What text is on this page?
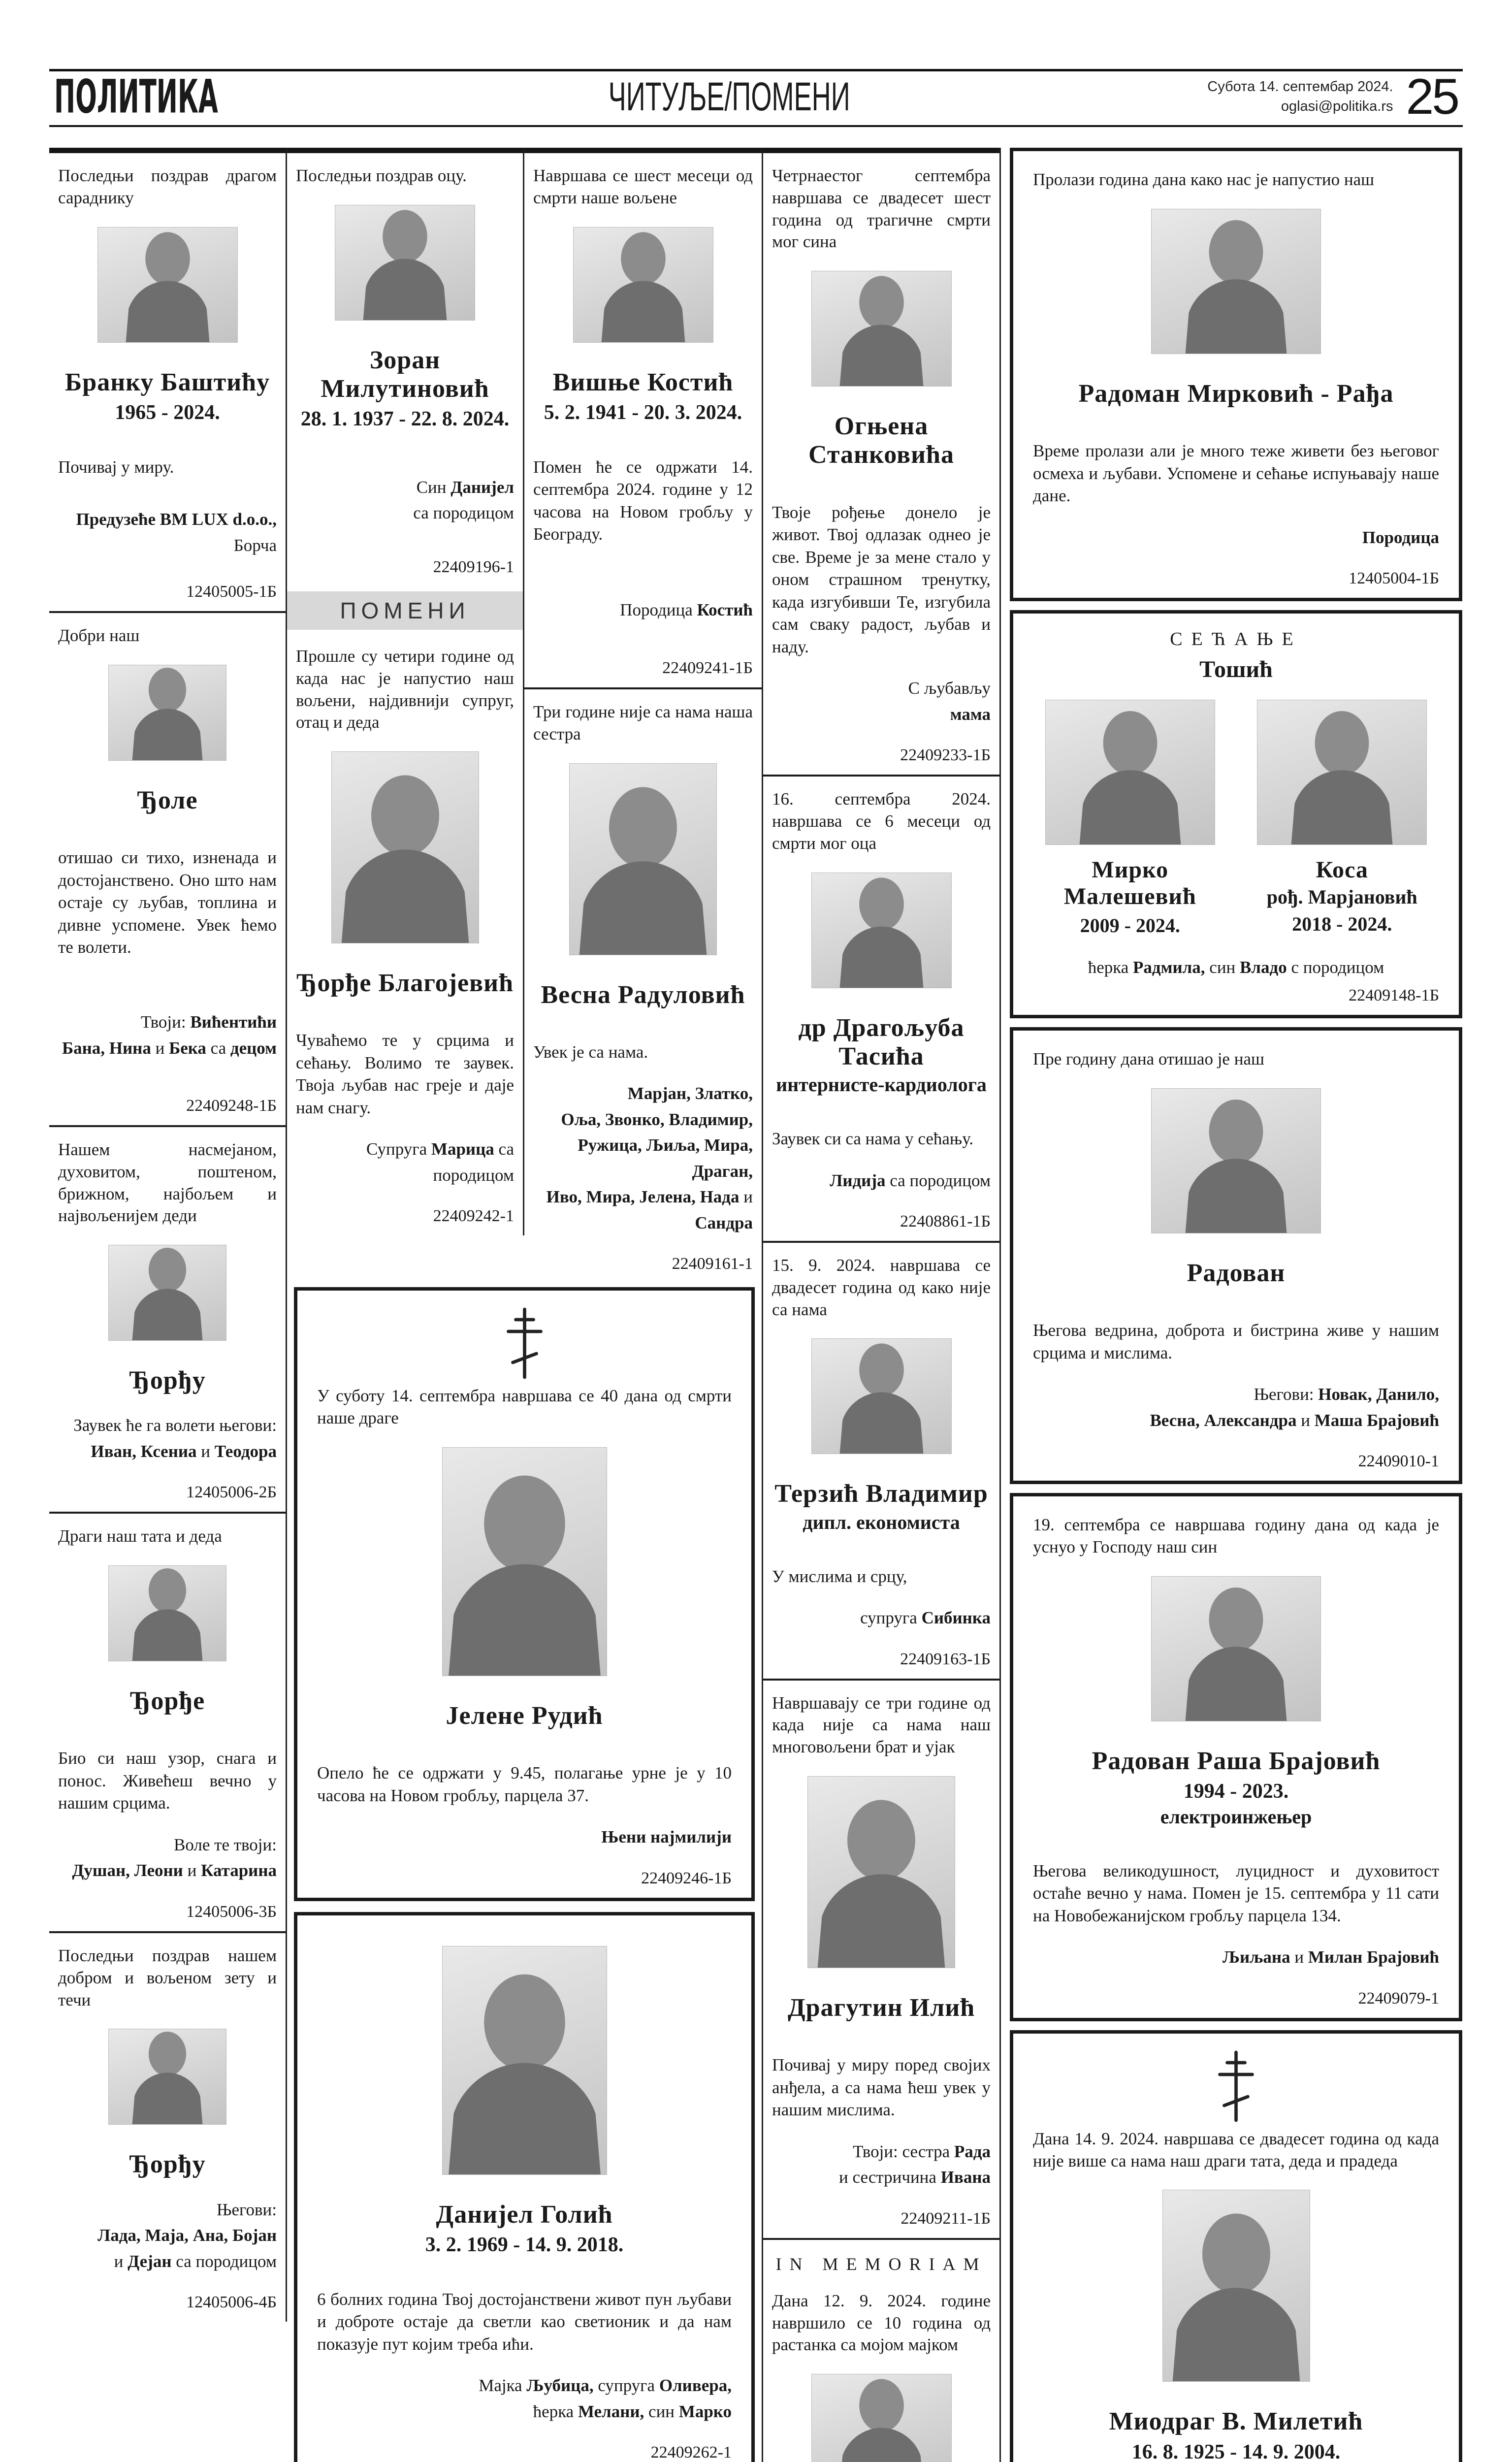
ПОЛИТИКА	ЧИТУЉЕ/ПОМЕНИ	Субота 14. септембар 2024.
oglasi@politika.rs 25

Последњи поздрав драгом сараднику

Бранку Баштићу
1965 - 2024.

Почивај у миру.

Предузеће BM LUX d.o.o.,
Борча
12405005-1Б

Добри наш

Ђоле

отишао си тихо, изненада и достојанствено. Оно што нам остаје су љубав, топлина и дивне успомене. Увек ћемо те волети.

Твоји: Вићентићи
Бана, Нина и Бека са децом
22409248-1Б

Нашем насмејаном, духовитом, поштеном, брижном, најбољем и највољенијем деди

Ђорђу
Заувек ће га волети његови:
Иван, Ксениа и Теодора
12405006-2Б

Драги наш тата и деда

Ђорђе

Био си наш узор, снага и понос. Живећеш вечно у нашим срцима.

Воле те твоји:
Душан, Леони и Катарина
12405006-3Б

Последњи поздрав нашем добром и вољеном зету и течи

Ђорђу
Његови:
Лада, Маја, Ана, Бојан
и Дејан са породицом
12405006-4Б

Последњи поздрав оцу.

Зоран Милутиновић
28. 1. 1937 - 22. 8. 2024.
Син Данијел
са породицом
22409196-1
ПОМЕНИ

Прошле су четири године од када нас је напустио наш вољени, најдивнији супруг, отац и деда

Ђорђе Благојевић

Чуваћемо те у срцима и сећању. Волимо те заувек. Твоја љубав нас греје и даје нам снагу.

Супруга Марица са породицом
22409242-1

Навршава се шест месеци од смрти наше вољене

Вишње Костић
5. 2. 1941 - 20. 3. 2024.

Помен ће се одржати 14. септембра 2024. године у 12 часова на Новом гробљу у Београду.

Породица Костић
22409241-1Б

Три године није са нама наша сестра

Весна Радуловић

Увек је са нама.

Марјан, Златко,
Оља, Звонко, Владимир,
Ружица, Љиља, Мира, Драган,
Иво, Мира, Јелена, Нада и Сандра
22409161-1

У суботу 14. септембра навршава се 40 дана од смрти наше драге

Јелене Рудић

Опело ће се одржати у 9.45, полагање урне је у 10 часова на Новом гробљу, парцела 37.

Њени најмилији
22409246-1Б
Данијел Голић
3. 2. 1969 - 14. 9. 2018.

6 болних година Твој достојанствени живот пун љубави и доброте остаје да светли као светионик и да нам показује пут којим треба ићи.

Мајка Љубица, супруга Оливера,
ћерка Мелани, син Марко
22409262-1

Четрнаестог септембра навршава се двадесет шест година од трагичне смрти мог сина

Огњена Станковића

Твоје рођење донело је живот. Твој одлазак однео је све. Време је за мене стало у оном страшном тренутку, када изгубивши Те, изгубила сам сваку радост, љубав и наду.

С љубављу
мама
22409233-1Б

16. септембра 2024. навршава се 6 месеци од смрти мог оца

др Драгољуба Тасића
интернисте-кардиолога

Заувек си са нама у сећању.

Лидија са породицом
22408861-1Б

15. 9. 2024. навршава се двадесет година од како није са нама

Терзић Владимир
дипл. економиста

У мислима и срцу,

супруга Сибинка
22409163-1Б

Навршавају се три године од када није са нама наш многовољени брат и ујак

Драгутин Илић

Почивај у миру поред својих анђела, а са нама ћеш увек у нашим мислима.

Твоји: сестра Рада
и сестричина Ивана
22409211-1Б
IN MEMORIAM

Дана 12. 9. 2024. године навршило се 10 година од растанка са мојом мајком

Пролази година дана како нас је напустио наш

Радоман Мирковић - Рађа

Време пролази али је много теже живети без његовог осмеха и љубави. Успомене и сећање испуњавају наше дане.

Породица
12405004-1Б
СЕЋАЊЕ
Тошић
Мирко Малешевић
2009 - 2024.
Коса
рођ. Марјановић
2018 - 2024.
ћерка Радмила, син Владо с породицом
22409148-1Б

Пре годину дана отишао је наш

Радован

Његова ведрина, доброта и бистрина живе у нашим срцима и мислима.

Његови: Новак, Данило,
Весна, Александра и Маша Брајовић
22409010-1

19. септембра се навршава годину дана од када је уснуо у Господу наш син

Радован Раша Брајовић
1994 - 2023.
електроинжењер

Његова великодушност, луцидност и духовитост остаће вечно у нама. Помен је 15. септембра у 11 сати на Новобежанијском гробљу парцела 134.

Љиљана и Милан Брајовић
22409079-1

Дана 14. 9. 2024. навршава се двадесет година од када није више са нама наш драги тата, деда и прадеда

Миодраг В. Милетић
16. 8. 1925 - 14. 9. 2004.
